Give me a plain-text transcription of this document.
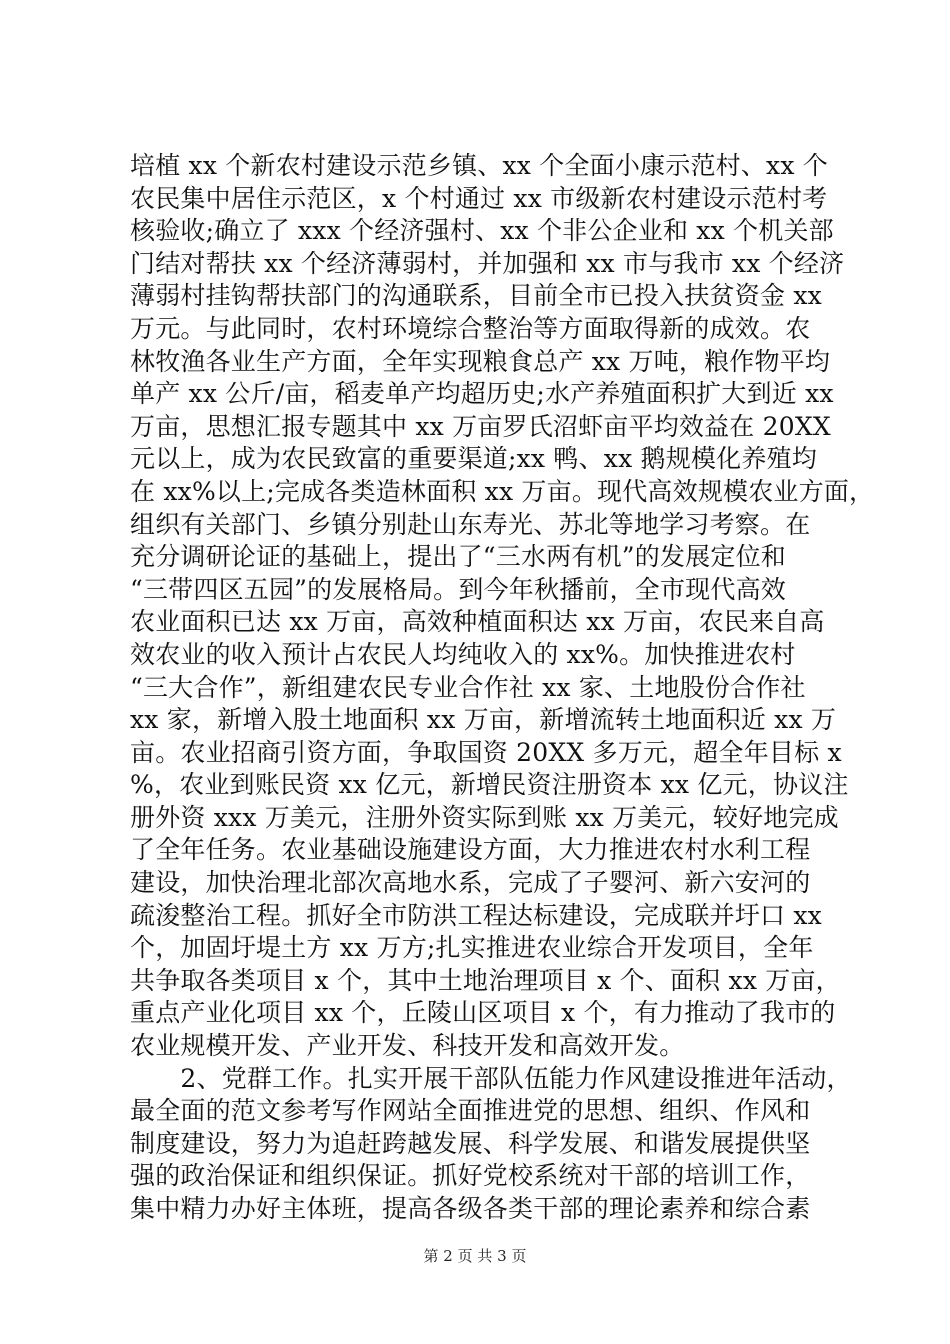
培植 xx 个新农村建设示范乡镇、xx 个全面小康示范村、xx 个
农民集中居住示范区，x 个村通过 xx 市级新农村建设示范村考
核验收;确立了 xxx 个经济强村、xx 个非公企业和 xx 个机关部
门结对帮扶 xx 个经济薄弱村，并加强和 xx 市与我市 xx 个经济
薄弱村挂钩帮扶部门的沟通联系，目前全市已投入扶贫资金 xx
万元。与此同时，农村环境综合整治等方面取得新的成效。农
林牧渔各业生产方面，全年实现粮食总产 xx 万吨，粮作物平均
单产 xx 公斤/亩，稻麦单产均超历史;水产养殖面积扩大到近 xx
万亩，思想汇报专题其中 xx 万亩罗氏沼虾亩平均效益在 20XX
元以上，成为农民致富的重要渠道;xx 鸭、xx 鹅规模化养殖均
在 xx%以上;完成各类造林面积 xx 万亩。现代高效规模农业方面，
组织有关部门、乡镇分别赴山东寿光、苏北等地学习考察。在
充分调研论证的基础上，提出了“三水两有机”的发展定位和
“三带四区五园”的发展格局。到今年秋播前，全市现代高效
农业面积已达 xx 万亩，高效种植面积达 xx 万亩，农民来自高
效农业的收入预计占农民人均纯收入的 xx%。加快推进农村
“三大合作”，新组建农民专业合作社 xx 家、土地股份合作社
xx 家，新增入股土地面积 xx 万亩，新增流转土地面积近 xx 万
亩。农业招商引资方面，争取国资 20XX 多万元，超全年目标 x
%，农业到账民资 xx 亿元，新增民资注册资本 xx 亿元，协议注
册外资 xxx 万美元，注册外资实际到账 xx 万美元，较好地完成
了全年任务。农业基础设施建设方面，大力推进农村水利工程
建设，加快治理北部次高地水系，完成了子婴河、新六安河的
疏浚整治工程。抓好全市防洪工程达标建设，完成联并圩口 xx
个，加固圩堤土方 xx 万方;扎实推进农业综合开发项目，全年
共争取各类项目 x 个，其中土地治理项目 x 个、面积 xx 万亩，
重点产业化项目 xx 个，丘陵山区项目 x 个，有力推动了我市的
农业规模开发、产业开发、科技开发和高效开发。
　　2、党群工作。扎实开展干部队伍能力作风建设推进年活动，
最全面的范文参考写作网站全面推进党的思想、组织、作风和
制度建设，努力为追赶跨越发展、科学发展、和谐发展提供坚
强的政治保证和组织保证。抓好党校系统对干部的培训工作，
集中精力办好主体班，提高各级各类干部的理论素养和综合素
第 2 页 共 3 页
